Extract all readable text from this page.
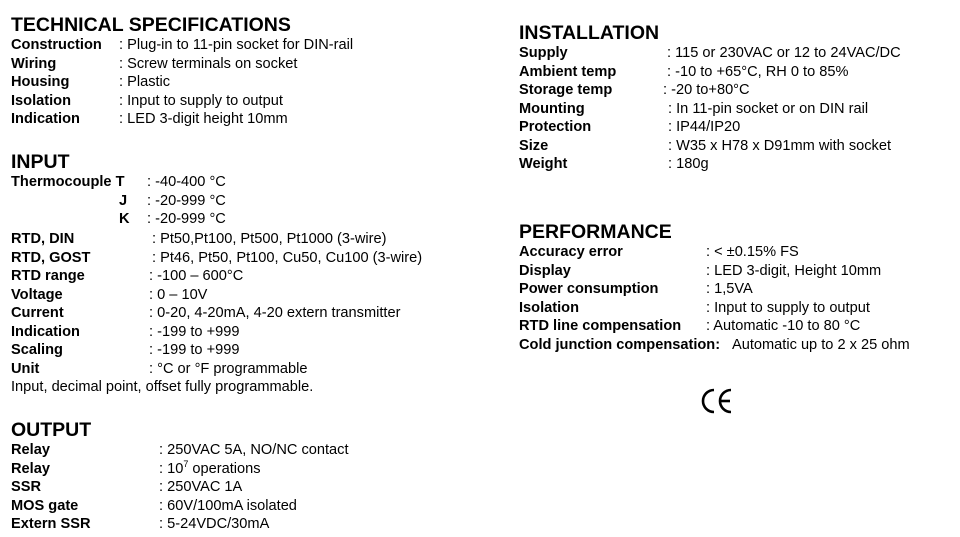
TECHNICAL SPECIFICATIONS
Construction : Plug-in to 11-pin socket for DIN-rail
Wiring	: Screw terminals on socket
Housing	: Plastic
Isolation	: Input to supply to output
Indication	: LED 3-digit height 10mm
INPUT
Thermocouple T : -40-400 °C
J : -20-999 °C
K : -20-999 °C
RTD, DIN	: Pt50,Pt100, Pt500, Pt1000 (3-wire)
RTD, GOST	: Pt46, Pt50, Pt100, Cu50, Cu100 (3-wire)
RTD range	: -100 – 600°C
Voltage	: 0 – 10V
Current	: 0-20, 4-20mA, 4-20 extern transmitter
Indication	: -199 to +999
Scaling	: -199 to +999
Unit	: °C or °F programmable
Input, decimal point, offset fully programmable.
OUTPUT
Relay	: 250VAC 5A, NO/NC contact
Relay	: $10^7$ operations
SSR	: 250VAC 1A
MOS gate	: 60V/100mA isolated
Extern SSR	: 5-24VDC/30mA
INSTALLATION
Supply	: 115 or 230VAC or 12 to 24VAC/DC
Ambient temp	: -10 to +65°C, RH 0 to 85%
Storage temp	: -20 to+80°C
Mounting	: In 11-pin socket or on DIN rail
Protection	: IP44/IP20
Size	: W35 x H78 x D91mm with socket
Weight	: 180g
PERFORMANCE
Accuracy error	: < ±0.15% FS
Display	: LED 3-digit, Height 10mm
Power consumption	: 1,5VA
Isolation	: Input to supply to output
RTD line compensation : Automatic -10 to 80 °C
Cold junction compensation: Automatic up to 2 x 25 ohm
